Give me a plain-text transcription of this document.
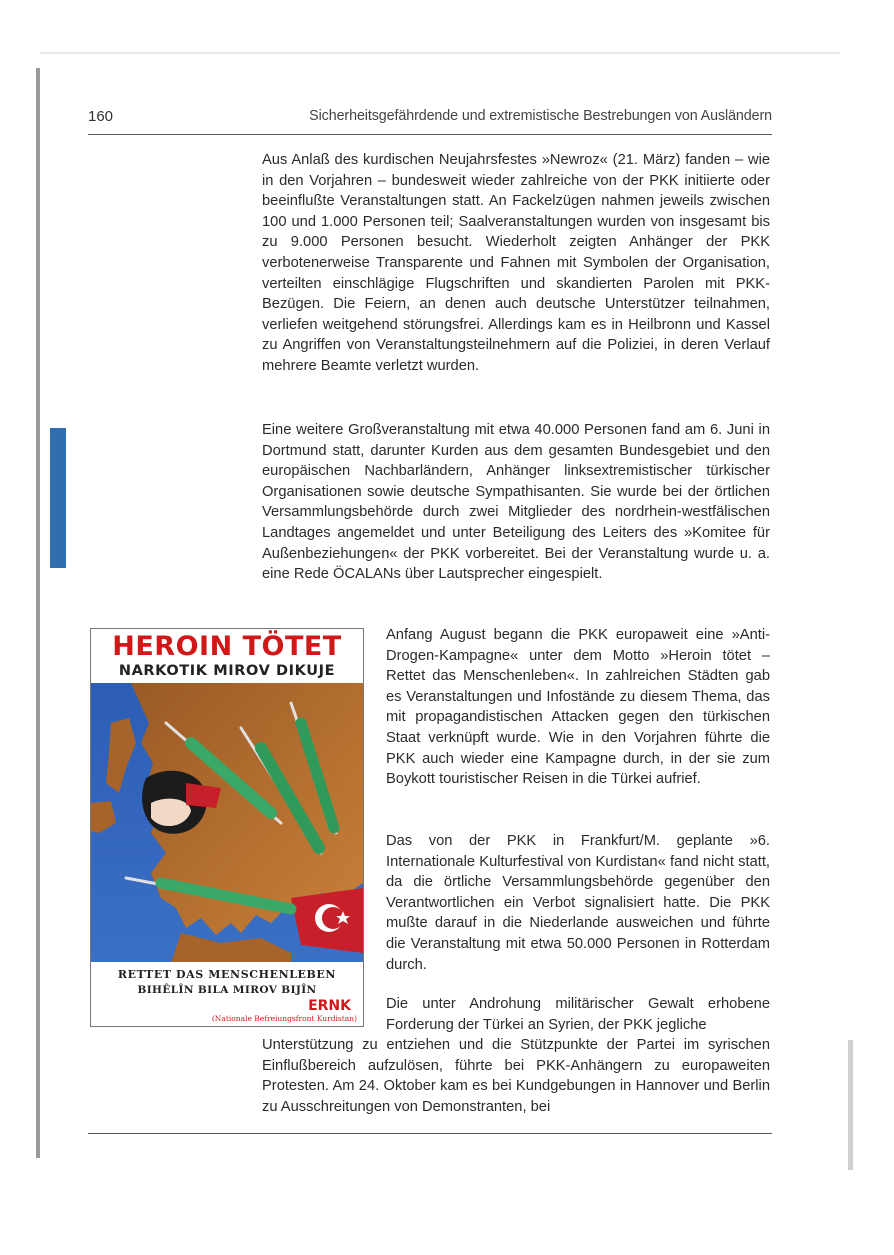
160	Sicherheitsgefährdende und extremistische Bestrebungen von Ausländern

Aus Anlaß des kurdischen Neujahrsfestes »Newroz« (21. März) fanden – wie in den Vorjahren – bundesweit wieder zahlreiche von der PKK initiierte oder beeinflußte Veranstaltungen statt. An Fackelzügen nahmen jeweils zwischen 100 und 1.000 Personen teil; Saalveranstaltungen wurden von insgesamt bis zu 9.000 Personen besucht. Wiederholt zeigten Anhänger der PKK verbotenerweise Transparente und Fahnen mit Symbolen der Organisation, verteilten einschlägige Flugschriften und skandierten Parolen mit PKK-Bezügen. Die Feiern, an denen auch deutsche Unterstützer teilnahmen, verliefen weitgehend störungsfrei. Allerdings kam es in Heilbronn und Kassel zu Angriffen von Veranstaltungsteilnehmern auf die Poliziei, in deren Verlauf mehrere Beamte verletzt wurden.

Eine weitere Großveranstaltung mit etwa 40.000 Personen fand am 6. Juni in Dortmund statt, darunter Kurden aus dem gesamten Bundesgebiet und den europäischen Nachbarländern, Anhänger linksextremistischer türkischer Organisationen sowie deutsche Sympathisanten. Sie wurde bei der örtlichen Versammlungsbehörde durch zwei Mitglieder des nordrhein-westfälischen Landtages angemeldet und unter Beteiligung des Leiters des »Komitee für Außenbeziehungen« der PKK vorbereitet. Bei der Veranstaltung wurde u. a. eine Rede ÖCALANs über Lautsprecher eingespielt.

HEROIN TÖTET
NARKOTIK MIROV DIKUJE
RETTET DAS MENSCHENLEBEN
BIHÊLÎN BILA MIROV BIJÎN
ERNK
(Nationale Befreiungsfront Kurdistan)

Anfang August begann die PKK europaweit eine »Anti-Drogen-Kampagne« unter dem Motto »Heroin tötet – Rettet das Menschenleben«. In zahlreichen Städten gab es Veranstaltungen und Infostände zu diesem Thema, das mit propagandistischen Attacken gegen den türkischen Staat verknüpft wurde. Wie in den Vorjahren führte die PKK auch wieder eine Kampagne durch, in der sie zum Boykott touristischer Reisen in die Türkei aufrief.

Das von der PKK in Frankfurt/M. geplante »6. Internationale Kulturfestival von Kurdistan« fand nicht statt, da die örtliche Versammlungsbehörde gegenüber den Verantwortlichen ein Verbot signalisiert hatte. Die PKK mußte darauf in die Niederlande ausweichen und führte die Veranstaltung mit etwa 50.000 Personen in Rotterdam durch.

Die unter Androhung militärischer Gewalt erhobene Forderung der Türkei an Syrien, der PKK jegliche

Unterstützung zu entziehen und die Stützpunkte der Partei im syrischen Einflußbereich aufzulösen, führte bei PKK-Anhängern zu europaweiten Protesten. Am 24. Oktober kam es bei Kundgebungen in Hannover und Berlin zu Ausschreitungen von Demonstranten, bei
